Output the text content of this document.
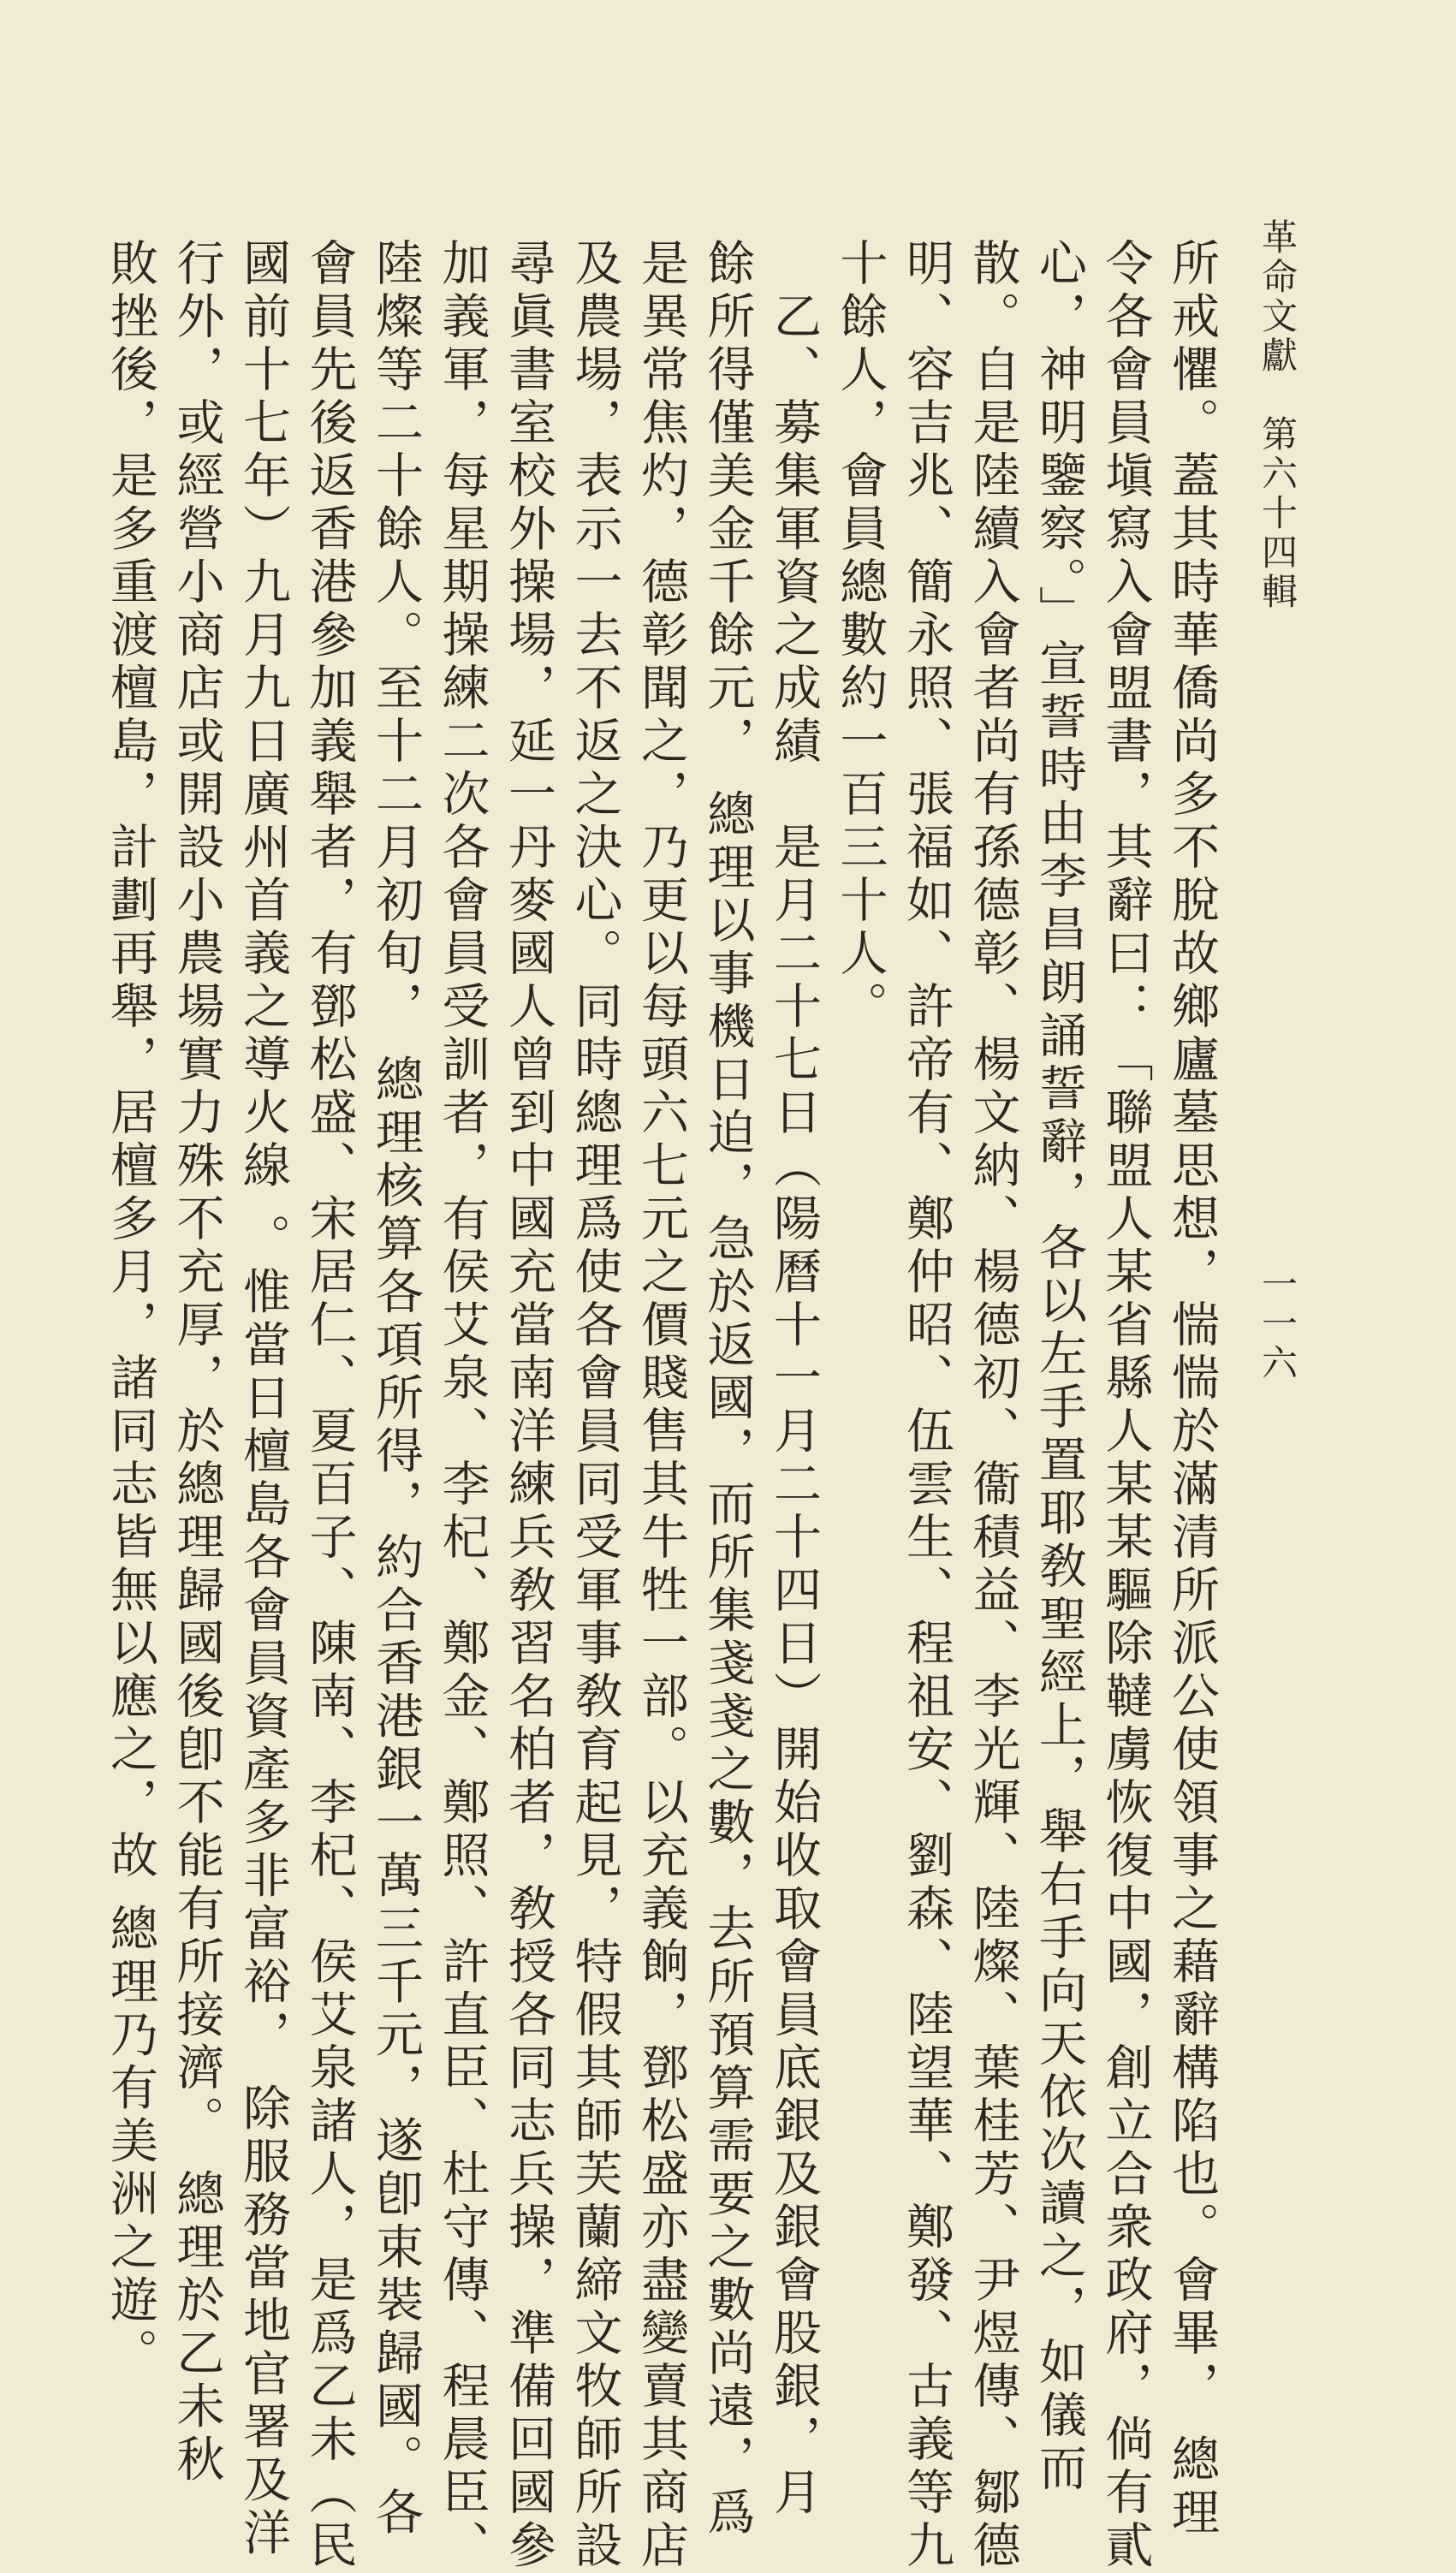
革命文獻　第六十四輯
一一六
所戒懼。蓋其時華僑尚多不脫故鄉廬墓思想，惴惴於滿清所派公使領事之藉辭構陷也。會畢， 總理
令各會員塡寫入會盟書，其辭曰：「聯盟人某省縣人某某驅除韃虜恢復中國，創立合衆政府，倘有貳
心，神明鑒察。」宣誓時由李昌朗誦誓辭，各以左手置耶敎聖經上，舉右手向天依次讀之，如儀而
散。自是陸續入會者尚有孫德彰、楊文納、楊德初、衞積益、李光輝、陸燦、葉桂芳、尹煜傳、鄒德
明、容吉兆、簡永照、張福如、許帝有、鄭仲昭、伍雲生、程祖安、劉森、陸望華、鄭發、古義等九
十餘人，會員總數約一百三十人。
　乙、募集軍資之成績　是月二十七日（陽曆十一月二十四日）開始收取會員底銀及銀會股銀，月
餘所得僅美金千餘元， 總理以事機日迫，急於返國，而所集戔戔之數，去所預算需要之數尚遠，爲
是異常焦灼，德彰聞之，乃更以每頭六七元之價賤售其牛牲一部。以充義餉，鄧松盛亦盡變賣其商店
及農場，表示一去不返之決心。同時總理爲使各會員同受軍事敎育起見，特假其師芙蘭締文牧師所設
尋眞書室校外操場，延一丹麥國人曾到中國充當南洋練兵敎習名柏者，敎授各同志兵操，準備回國參
加義軍，每星期操練二次各會員受訓者，有侯艾泉、李杞、鄭金、鄭照、許直臣、杜守傳、程晨臣、
陸燦等二十餘人。至十二月初旬， 總理核算各項所得，約合香港銀一萬三千元，遂卽束裝歸國。各
會員先後返香港參加義舉者，有鄧松盛、宋居仁、夏百子、陳南、李杞、侯艾泉諸人，是爲乙未（民
國前十七年）九月九日廣州首義之導火線 。惟當日檀島各會員資產多非富裕， 除服務當地官署及洋
行外，或經營小商店或開設小農場實力殊不充厚，於總理歸國後卽不能有所接濟。 總理於乙未秋
敗挫後，是多重渡檀島，計劃再舉，居檀多月，諸同志皆無以應之，故 總理乃有美洲之遊。
